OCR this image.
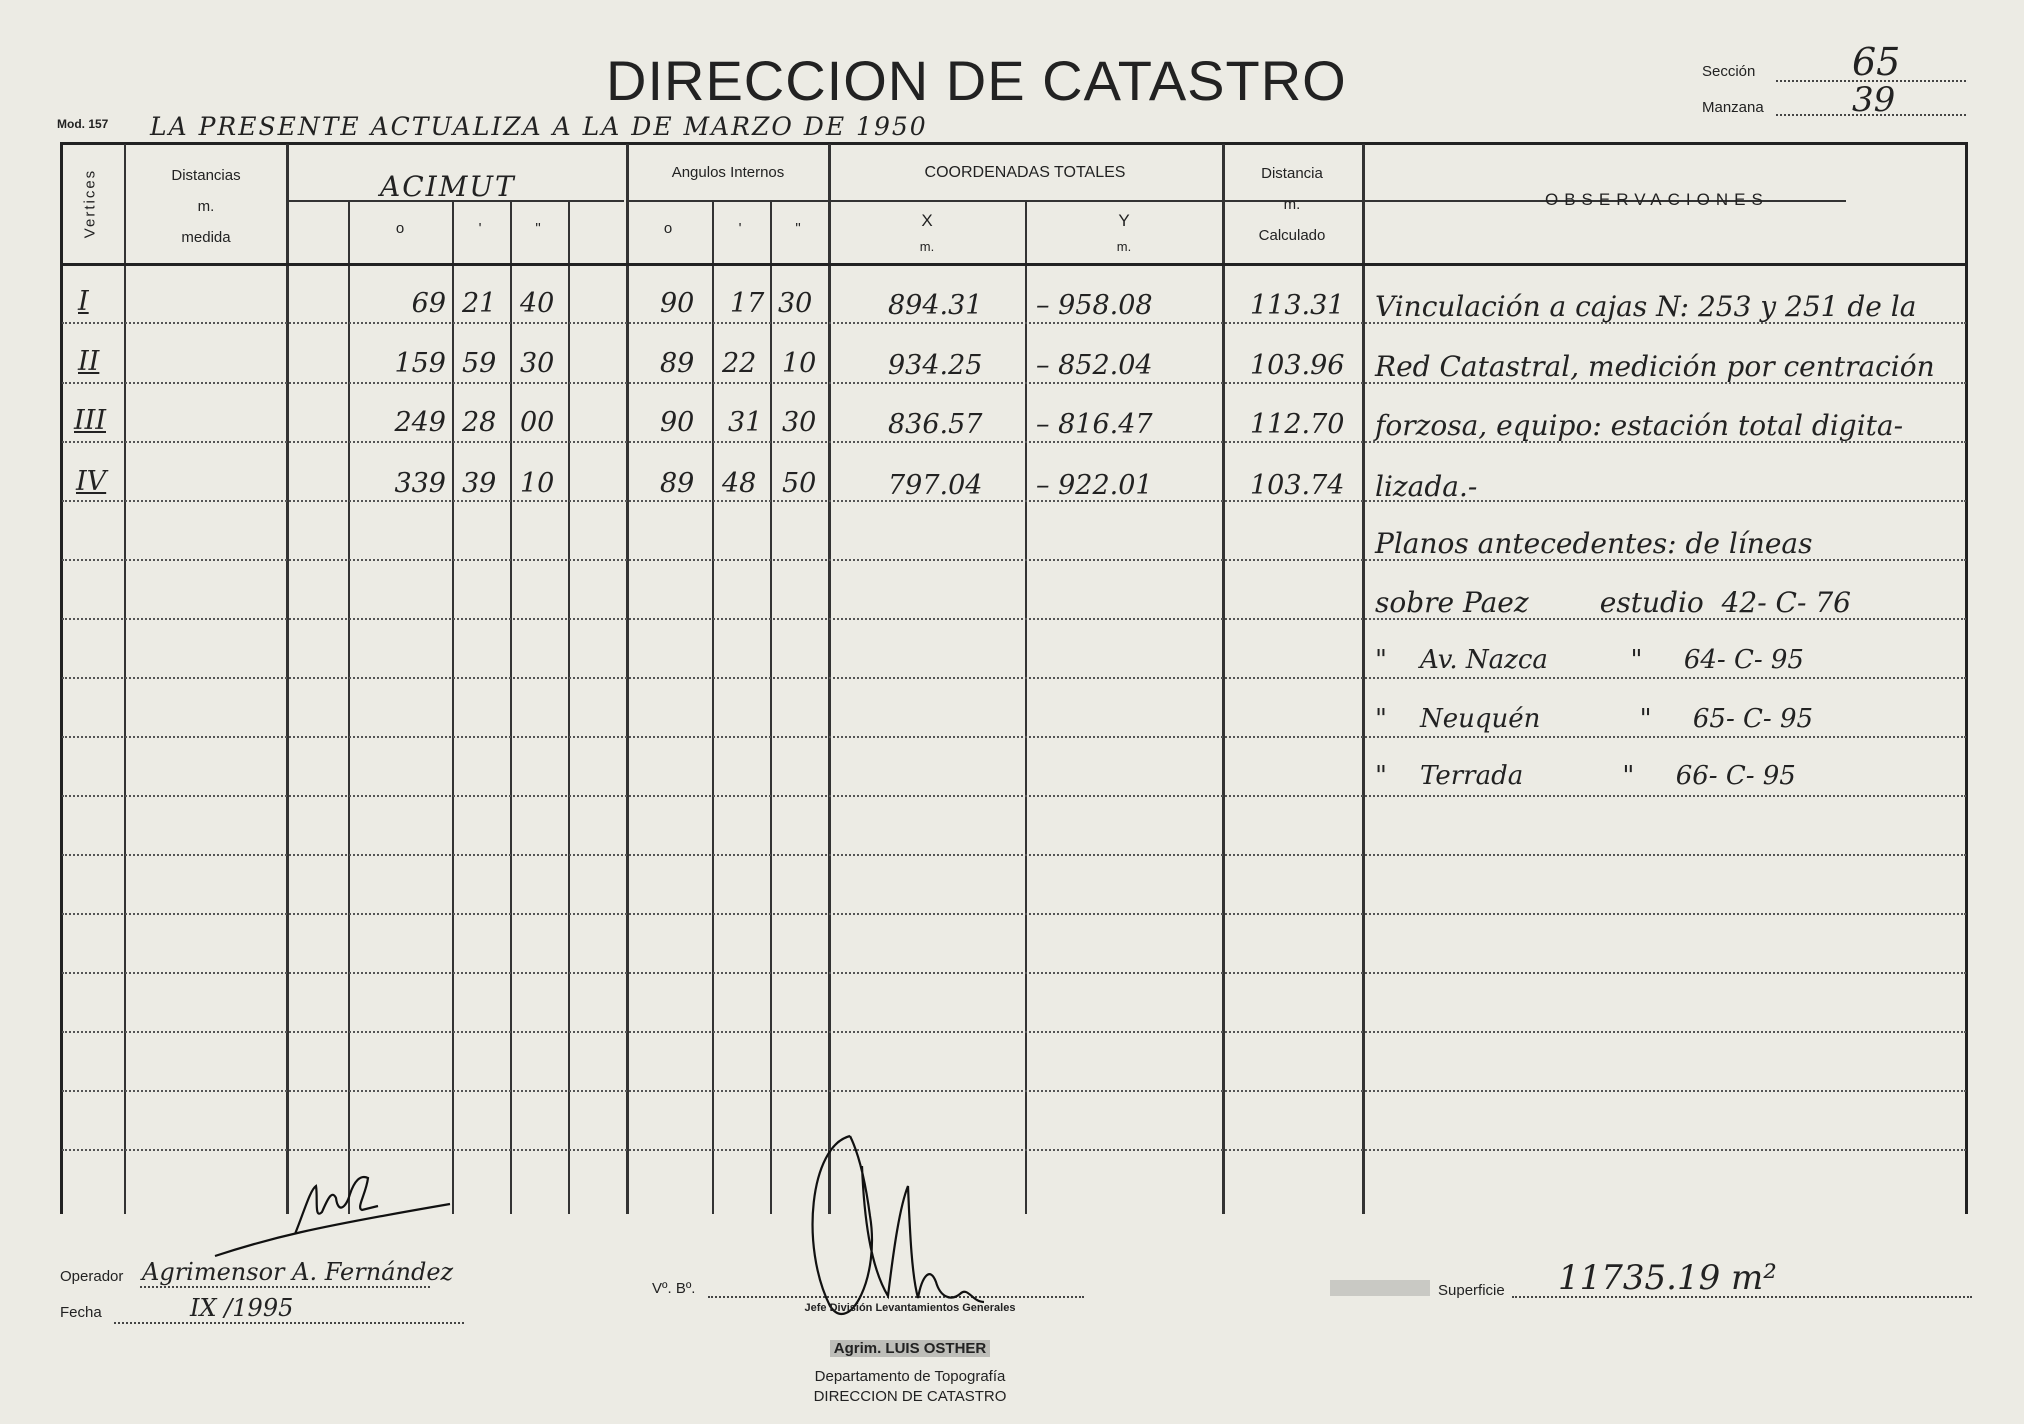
DIRECCION DE CATASTRO
Mod. 157 LA PRESENTE ACTUALIZA A LA DE MARZO DE 1950
Sección	65
Manzana	39
Vertices	Distancias
m.
medida
ACIMUT
o	'	"
Angulos Internos
o	'	"
COORDENADAS TOTALES
X
m.
Y
m.
Distancia
m.
Calculado
OBSERVACIONES
I	69 21 40	90 17 30	894.31 – 958.08	113.31
II	159 59 30	89 22 10	934.25 – 852.04	103.96
III	249 28 00	90 31 30	836.57 – 816.47	112.70
IV	339 39 10	89 48 50	797.04 – 922.01	103.74
Vinculación a cajas N: 253 y 251 de la
Red Catastral, medición por centración
forzosa, equipo: estación total digita-
lizada.-
Planos antecedentes: de líneas
sobre Paez        estudio  42- C- 76
"    Av. Nazca          "     64- C- 95
"    Neuquén            "     65- C- 95
"    Terrada            "     66- C- 95
Operador Agrimensor A. Fernández
Fecha	IX /1995
Vº. Bº.
Jefe División Levantamientos Generales
Agrim. LUIS OSTHER
Departamento de Topografía
DIRECCION DE CATASTRO
Superficie 11735.19 m²
